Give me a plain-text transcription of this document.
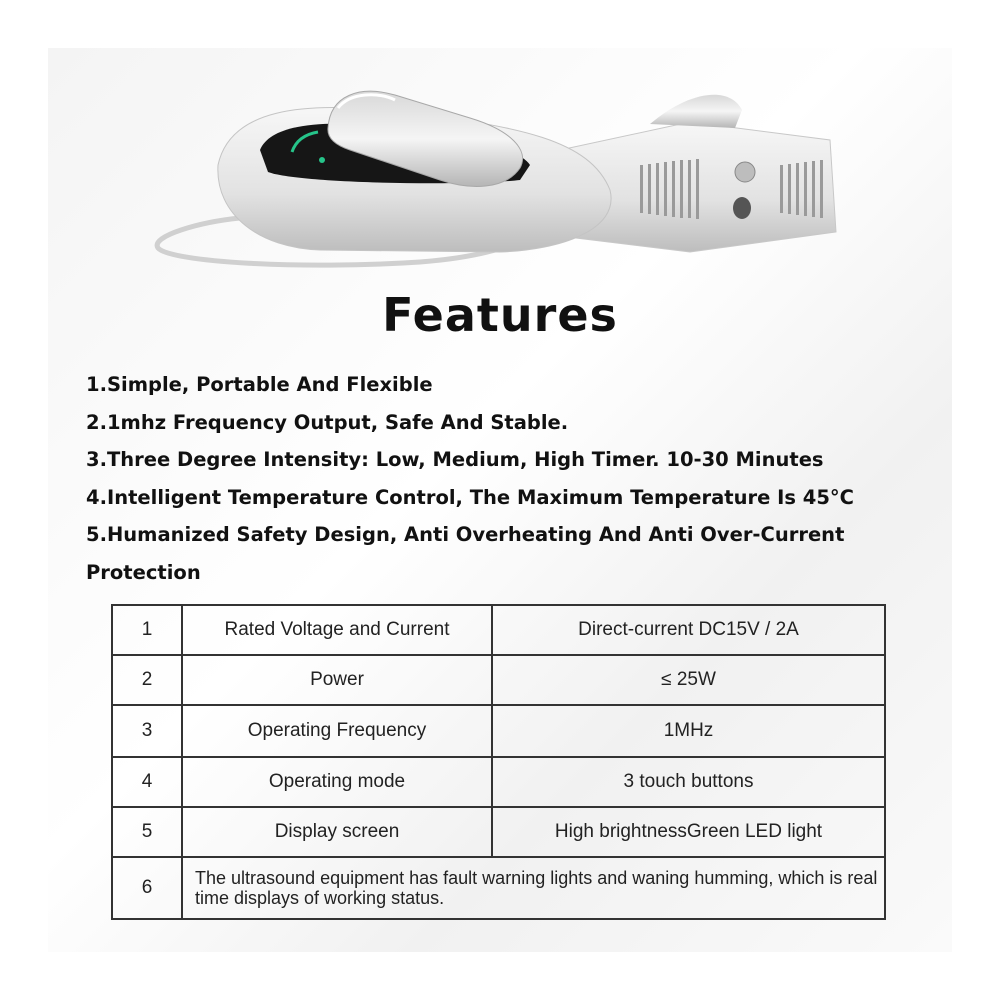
Features
1.Simple, Portable And Flexible
2.1mhz Frequency Output, Safe And Stable.
3.Three Degree Intensity: Low, Medium, High Timer. 10-30 Minutes
4.Intelligent Temperature Control, The Maximum Temperature Is 45°C
5.Humanized Safety Design, Anti Overheating And Anti Over-Current Protection
1	Rated Voltage and Current	Direct-current DC15V / 2A
2	Power	≤ 25W
3	Operating Frequency	1MHz
4	Operating mode	3 touch buttons
5	Display screen	High brightnessGreen LED light
6	The ultrasound equipment has fault warning lights and waning humming, which is real time displays of working status.	
